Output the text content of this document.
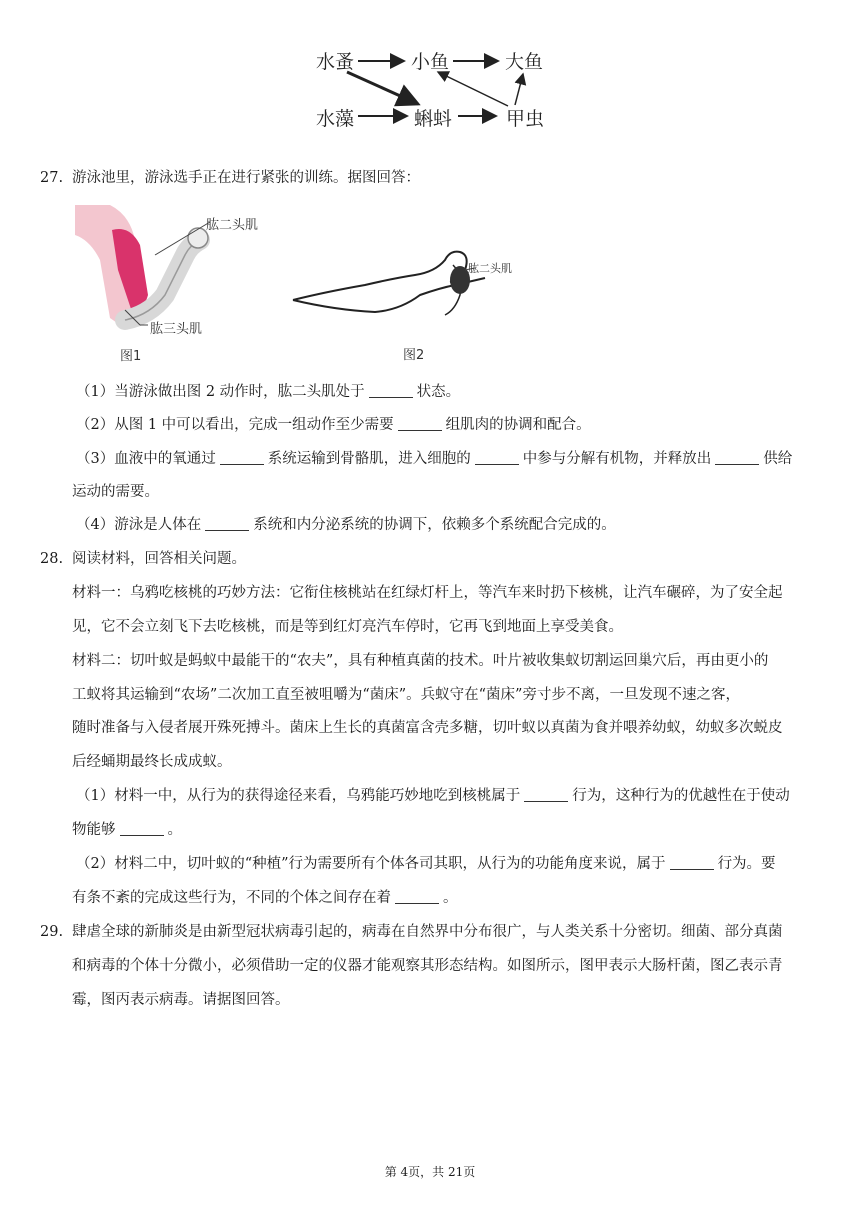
水蚤	小鱼	大鱼
水藻	蝌蚪	甲虫
27. 游泳池里，游泳选手正在进行紧张的训练。据图回答：
肱二头肌
肱三头肌
图1
肱二头肌
图2
（1）当游泳做出图 2 动作时，肱二头肌处于	状态。
（2）从图 1 中可以看出，完成一组动作至少需要	组肌肉的协调和配合。
（3）血液中的氧通过	系统运输到骨骼肌，进入细胞的	中参与分解有机物，并释放出	供给
运动的需要。
（4）游泳是人体在	系统和内分泌系统的协调下，依赖多个系统配合完成的。
28. 阅读材料，回答相关问题。
材料一：乌鸦吃核桃的巧妙方法：它衔住核桃站在红绿灯杆上，等汽车来时扔下核桃，让汽车碾碎，为了安全起
见，它不会立刻飞下去吃核桃，而是等到红灯亮汽车停时，它再飞到地面上享受美食。
材料二：切叶蚁是蚂蚁中最能干的“农夫”，具有种植真菌的技术。叶片被收集蚁切割运回巢穴后，再由更小的
工蚁将其运输到“农场”二次加工直至被咀嚼为“菌床”。兵蚁守在“菌床”旁寸步不离，一旦发现不速之客，
随时准备与入侵者展开殊死搏斗。菌床上生长的真菌富含壳多糖，切叶蚁以真菌为食并喂养幼蚁，幼蚁多次蜕皮
后经蛹期最终长成成蚁。
（1）材料一中，从行为的获得途径来看，乌鸦能巧妙地吃到核桃属于	行为，这种行为的优越性在于使动
物能够	。
（2）材料二中，切叶蚁的“种植”行为需要所有个体各司其职，从行为的功能角度来说，属于	行为。要
有条不紊的完成这些行为，不同的个体之间存在着	。
29. 肆虐全球的新肺炎是由新型冠状病毒引起的，病毒在自然界中分布很广，与人类关系十分密切。细菌、部分真菌
和病毒的个体十分微小，必须借助一定的仪器才能观察其形态结构。如图所示，图甲表示大肠杆菌，图乙表示青
霉，图丙表示病毒。请据图回答。
第 4页，共 21页
